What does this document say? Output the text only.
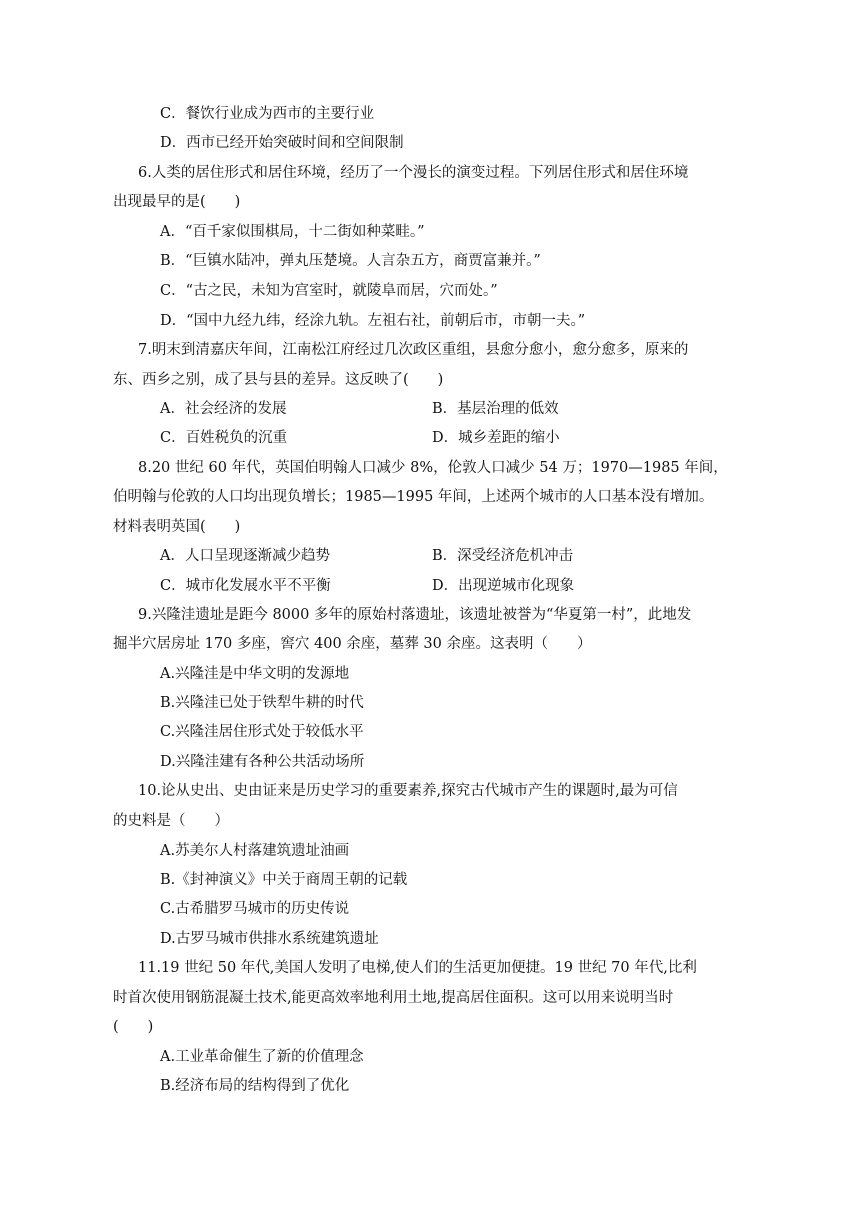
C．餐饮行业成为西市的主要行业
D．西市已经开始突破时间和空间限制
6.人类的居住形式和居住环境，经历了一个漫长的演变过程。下列居住形式和居住环境
出现最早的是(　　)
A．“百千家似围棋局，十二街如种菜畦。”
B．“巨镇水陆冲，弹丸压楚境。人言杂五方，商贾富兼并。”
C．“古之民，未知为宫室时，就陵阜而居，穴而处。”
D．“国中九经九纬，经涂九轨。左祖右社，前朝后市，市朝一夫。”
7.明末到清嘉庆年间，江南松江府经过几次政区重组，县愈分愈小，愈分愈多，原来的
东、西乡之别，成了县与县的差异。这反映了(　　)
A．社会经济的发展	B．基层治理的低效
C．百姓税负的沉重	D．城乡差距的缩小
8.20 世纪 60 年代，英国伯明翰人口减少 8%，伦敦人口减少 54 万；1970—1985 年间，
伯明翰与伦敦的人口均出现负增长；1985—1995 年间，上述两个城市的人口基本没有增加。
材料表明英国(　　)
A．人口呈现逐渐减少趋势	B．深受经济危机冲击
C．城市化发展水平不平衡	D．出现逆城市化现象
9.兴隆洼遗址是距今 8000 多年的原始村落遗址，该遗址被誉为“华夏第一村”，此地发
掘半穴居房址 170 多座，窖穴 400 余座，墓葬 30 余座。这表明（　　）
A.兴隆洼是中华文明的发源地
B.兴隆洼已处于铁犁牛耕的时代
C.兴隆洼居住形式处于较低水平
D.兴隆洼建有各种公共活动场所
10.论从史出、史由证来是历史学习的重要素养,探究古代城市产生的课题时,最为可信
的史料是（　　）
A.苏美尔人村落建筑遗址油画
B.《封神演义》中关于商周王朝的记载
C.古希腊罗马城市的历史传说
D.古罗马城市供排水系统建筑遗址
11.19 世纪 50 年代,美国人发明了电梯,使人们的生活更加便捷。19 世纪 70 年代,比利
时首次使用钢筋混凝土技术,能更高效率地利用土地,提高居住面积。这可以用来说明当时
(　　)
A.工业革命催生了新的价值理念
B.经济布局的结构得到了优化
